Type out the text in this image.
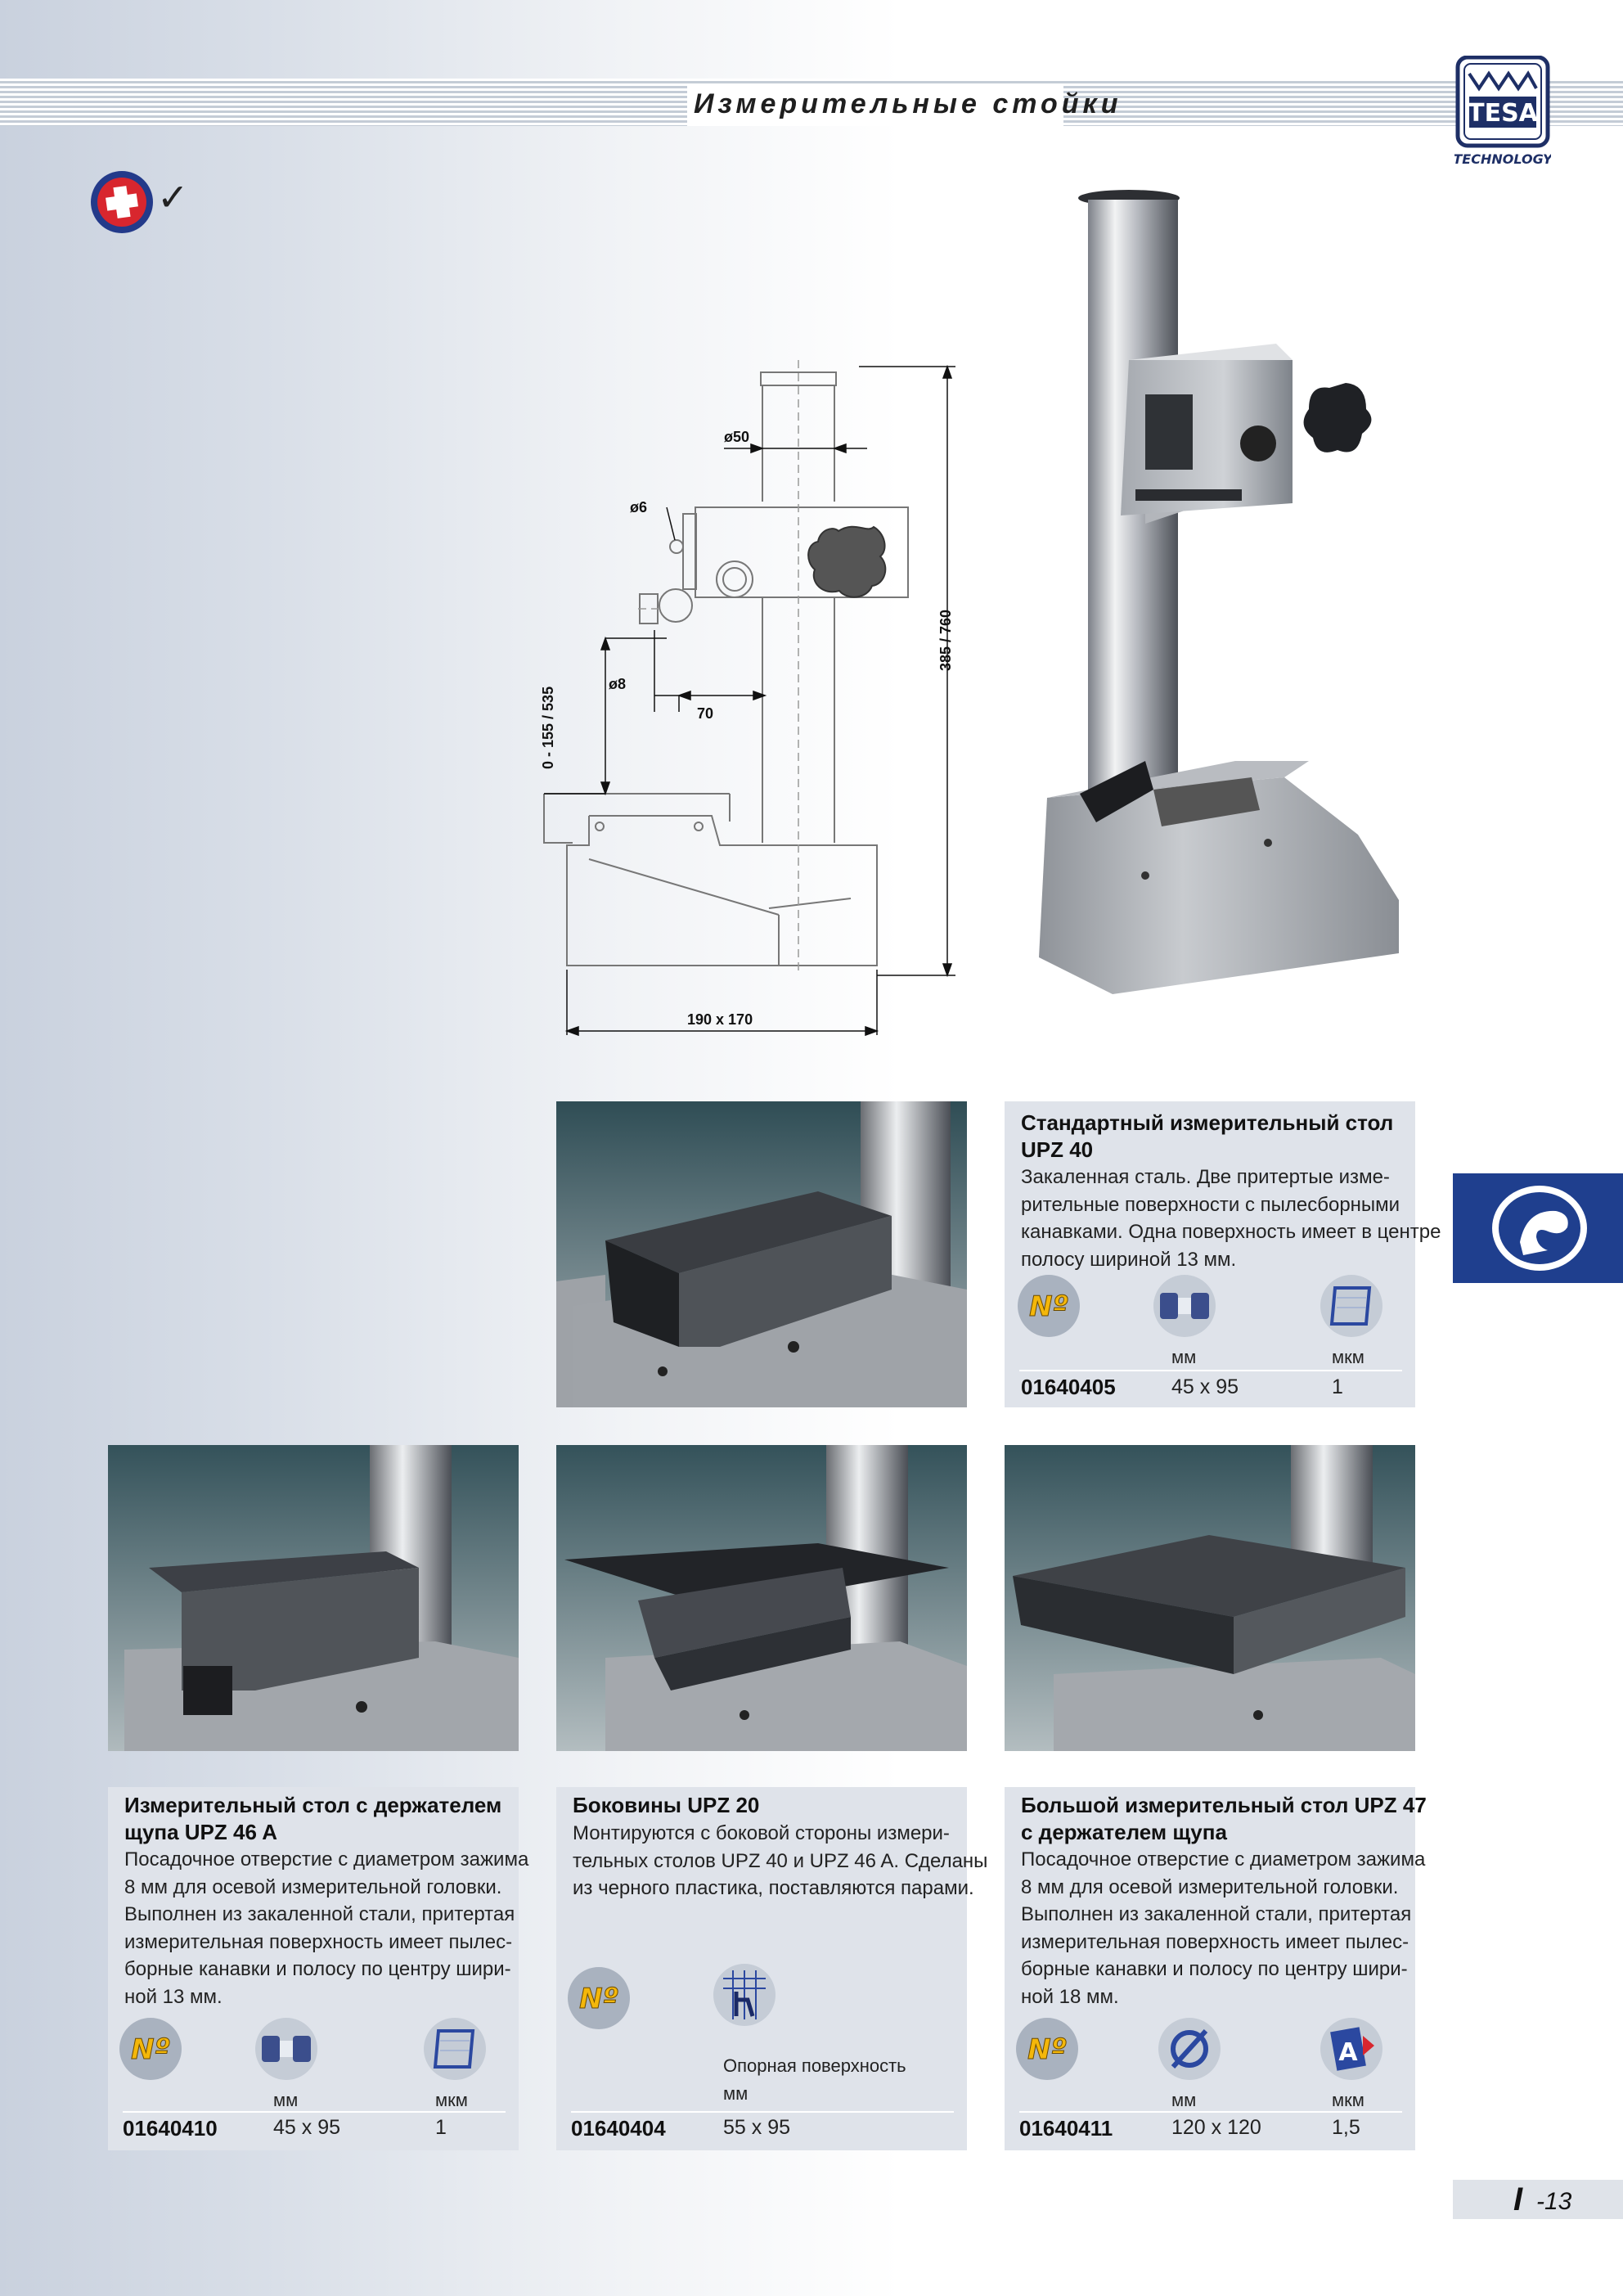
Измерительные стойки	TESA
TECHNOLOGY
✓
ø50
ø6
ø8
70
190 x 170
385 / 760
0 - 155 / 535
I -13
Стандартный измерительный стол
UPZ 40
Закаленная сталь. Две притертые изме-
рительные поверхности с пылесборными
канавками. Одна поверхность имеет в центре
полосу шириной 13 мм.
Nº
мм	мкм
01640405	45 x 95	1
Измерительный стол с держателем
щупа UPZ 46 A
Посадочное отверстие с диаметром зажима
8 мм для осевой измерительной головки.
Выполнен из закаленной стали, притертая
измерительная поверхность имеет пылес-
борные канавки и полосу по центру шири-
ной 13 мм.
Nº
мм	мкм
01640410	45 x 95	1
Боковины UPZ 20
Монтируются с боковой стороны измери-
тельных столов UPZ 40 и UPZ 46 A. Сделаны
из черного пластика, поставляются парами.
Nº
Опорная поверхность
мм
01640404	55 x 95
Большой измерительный стол UPZ 47
с держателем щупа
Посадочное отверстие с диаметром зажима
8 мм для осевой измерительной головки.
Выполнен из закаленной стали, притертая
измерительная поверхность имеет пылес-
борные канавки и полосу по центру шири-
ной 18 мм.
Nº	A
мм	мкм
01640411	120 x 120	1,5
